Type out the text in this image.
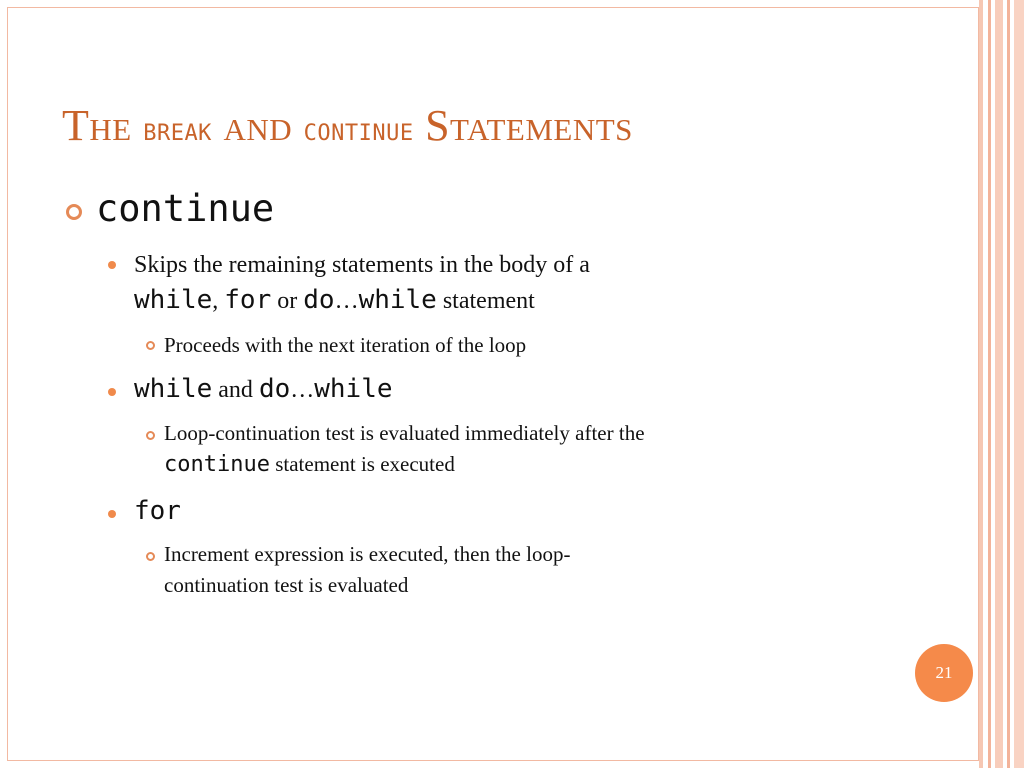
The break and continue Statements
continue
Skips the remaining statements in the body of a
while, for or do…while statement
Proceeds with the next iteration of the loop
while and do…while
Loop-continuation test is evaluated immediately after the
continue statement is executed
for
Increment expression is executed, then the loop-
continuation test is evaluated
21
